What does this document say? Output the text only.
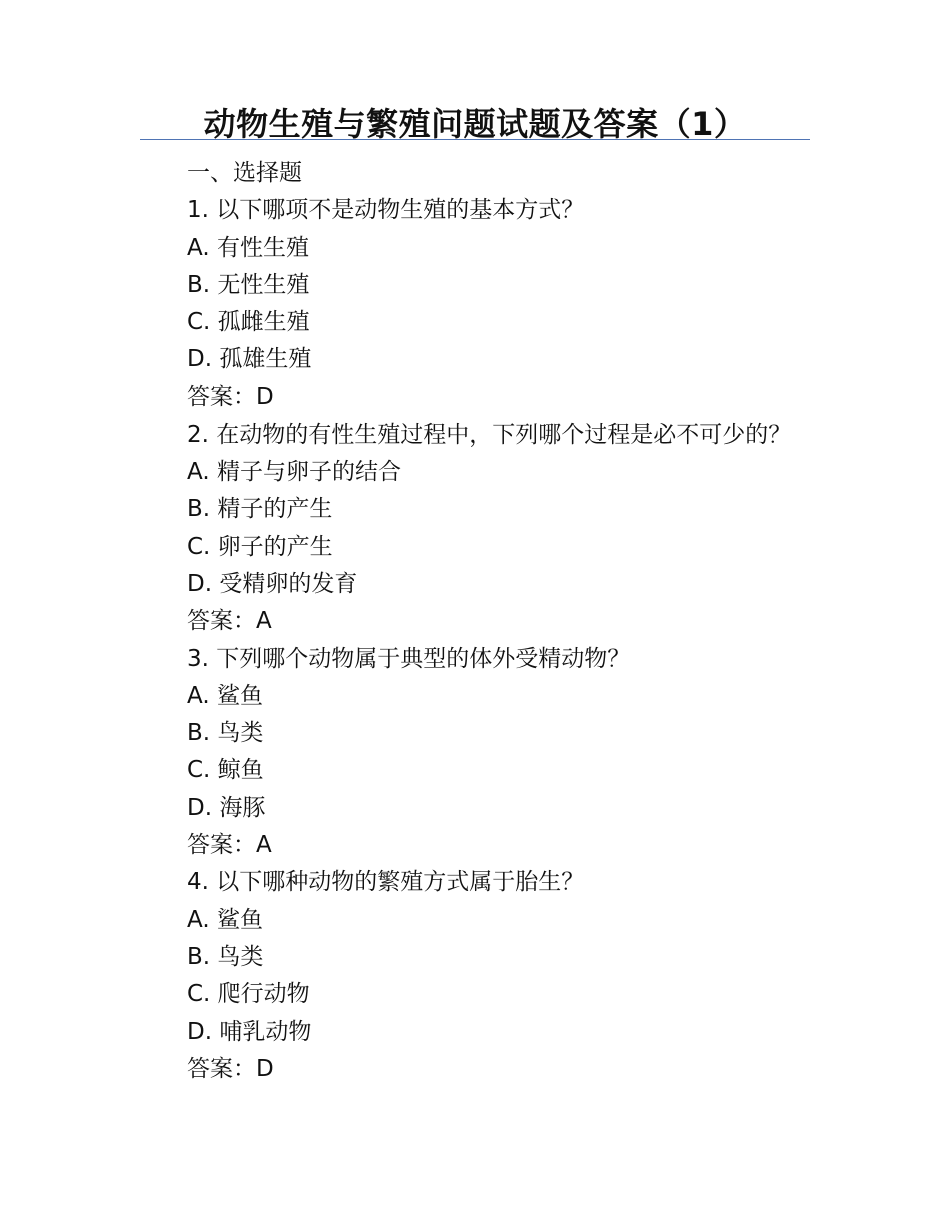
动物生殖与繁殖问题试题及答案（1）
一、选择题
1. 以下哪项不是动物生殖的基本方式？
A. 有性生殖
B. 无性生殖
C. 孤雌生殖
D. 孤雄生殖
答案：D
2. 在动物的有性生殖过程中，下列哪个过程是必不可少的？
A. 精子与卵子的结合
B. 精子的产生
C. 卵子的产生
D. 受精卵的发育
答案：A
3. 下列哪个动物属于典型的体外受精动物？
A. 鲨鱼
B. 鸟类
C. 鲸鱼
D. 海豚
答案：A
4. 以下哪种动物的繁殖方式属于胎生？
A. 鲨鱼
B. 鸟类
C. 爬行动物
D. 哺乳动物
答案：D
